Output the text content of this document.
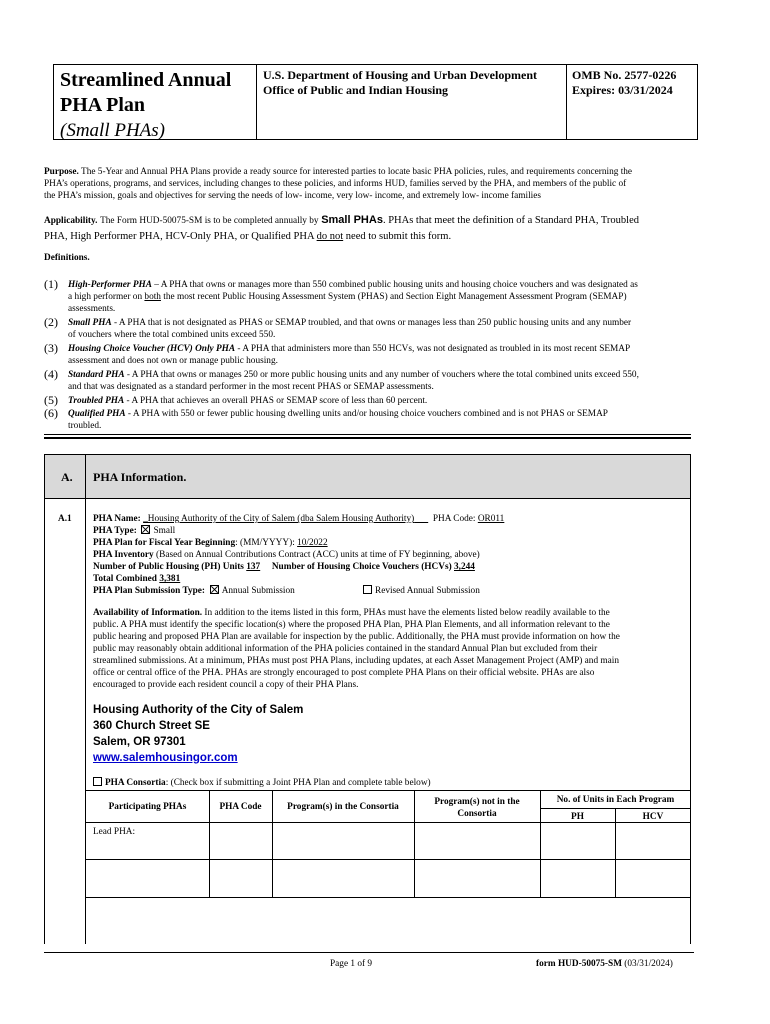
Streamlined Annual
PHA Plan
(Small PHAs)
U.S. Department of Housing and Urban Development
Office of Public and Indian Housing
OMB No. 2577-0226
Expires: 03/31/2024
Purpose. The 5-Year and Annual PHA Plans provide a ready source for interested parties to locate basic PHA policies, rules, and requirements concerning the
PHA’s operations, programs, and services, including changes to these policies, and informs HUD, families served by the PHA, and members of the public of
the PHA’s mission, goals and objectives for serving the needs of low- income, very low- income, and extremely low- income families
Applicability. The Form HUD-50075-SM is to be completed annually by Small PHAs. PHAs that meet the definition of a Standard PHA, Troubled
PHA, High Performer PHA, HCV-Only PHA, or Qualified PHA do not need to submit this form.
Definitions.
(1) High-Performer PHA – A PHA that owns or manages more than 550 combined public housing units and housing choice vouchers and was designated as
a high performer on both the most recent Public Housing Assessment System (PHAS) and Section Eight Management Assessment Program (SEMAP)
assessments.
(2) Small PHA - A PHA that is not designated as PHAS or SEMAP troubled, and that owns or manages less than 250 public housing units and any number
of vouchers where the total combined units exceed 550.
(3) Housing Choice Voucher (HCV) Only PHA - A PHA that administers more than 550 HCVs, was not designated as troubled in its most recent SEMAP
assessment and does not own or manage public housing.
(4) Standard PHA - A PHA that owns or manages 250 or more public housing units and any number of vouchers where the total combined units exceed 550,
and that was designated as a standard performer in the most recent PHAS or SEMAP assessments.
(5) Troubled PHA - A PHA that achieves an overall PHAS or SEMAP score of less than 60 percent.
(6) Qualified PHA - A PHA with 550 or fewer public housing dwelling units and/or housing choice vouchers combined and is not PHAS or SEMAP
troubled.
A. PHA Information.
A.1 PHA Name: _Housing Authority of the City of Salem (dba Salem Housing Authority) PHA Code: OR011
PHA Type: Small
PHA Plan for Fiscal Year Beginning: (MM/YYYY): 10/2022
PHA Inventory (Based on Annual Contributions Contract (ACC) units at time of FY beginning, above)
Number of Public Housing (PH) Units 137 Number of Housing Choice Vouchers (HCVs) 3,244
Total Combined 3,381
PHA Plan Submission Type: Annual Submission	Revised Annual Submission
Availability of Information. In addition to the items listed in this form, PHAs must have the elements listed below readily available to the
public. A PHA must identify the specific location(s) where the proposed PHA Plan, PHA Plan Elements, and all information relevant to the
public hearing and proposed PHA Plan are available for inspection by the public. Additionally, the PHA must provide information on how the
public may reasonably obtain additional information of the PHA policies contained in the standard Annual Plan but excluded from their
streamlined submissions. At a minimum, PHAs must post PHA Plans, including updates, at each Asset Management Project (AMP) and main
office or central office of the PHA. PHAs are strongly encouraged to post complete PHA Plans on their official website. PHAs are also
encouraged to provide each resident council a copy of their PHA Plans.
Housing Authority of the City of Salem
360 Church Street SE
Salem, OR 97301
www.salemhousingor.com
PHA Consortia: (Check box if submitting a Joint PHA Plan and complete table below)
Participating PHAs	PHA Code	Program(s) in the Consortia	Program(s) not in the
Consortia
No. of Units in Each Program
PH	HCV
Lead PHA:
Page 1 of 9	form HUD-50075-SM (03/31/2024)
